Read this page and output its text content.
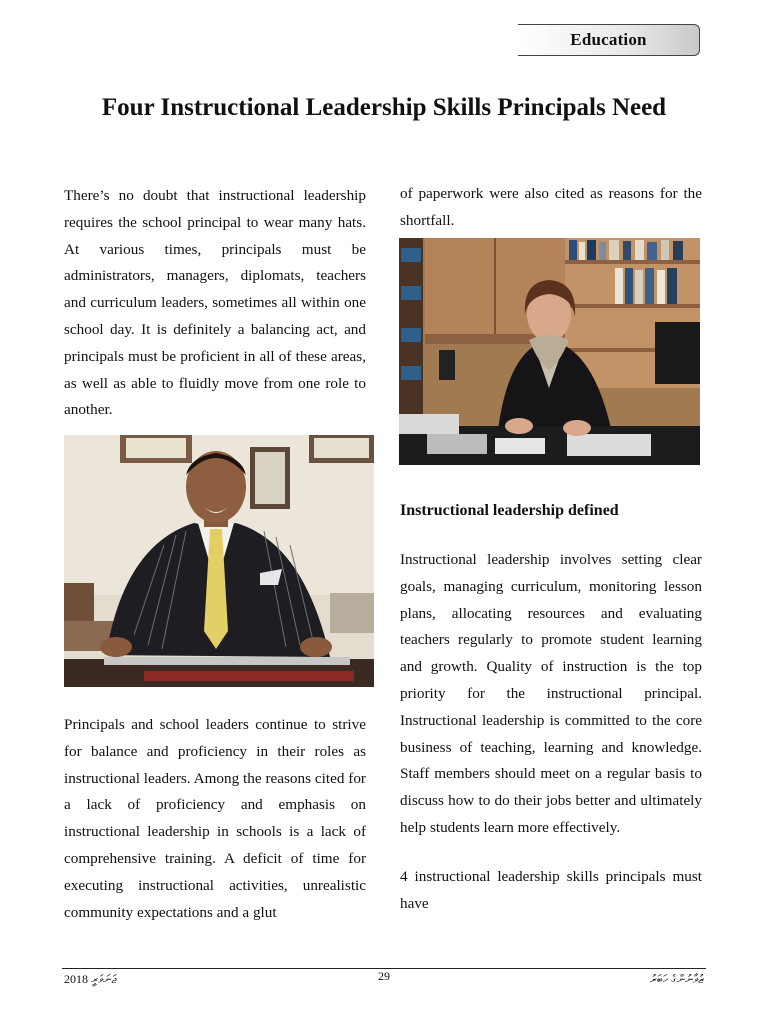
Education
Four Instructional Leadership Skills Principals Need

There’s no doubt that instructional leadership requires the school principal to wear many hats. At various times, principals must be administrators, managers, diplomats, teachers and curriculum leaders, sometimes all within one school day. It is definitely a balancing act, and principals must be proficient in all of these areas, as well as able to fluidly move from one role to another.

Principals and school leaders continue to strive for balance and proficiency in their roles as instructional leaders. Among the reasons cited for a lack of proficiency and emphasis on instructional leadership in schools is a lack of comprehensive training. A deficit of time for executing instructional activities, unrealistic community expectations and a glut

of paperwork were also cited as reasons for the shortfall.

Instructional leadership defined

Instructional leadership involves setting clear goals, managing curriculum, monitoring lesson plans, allocating resources and evaluating teachers regularly to promote student learning and growth. Quality of instruction is the top priority for the instructional principal. Instructional leadership is committed to the core business of teaching, learning and knowledge. Staff members should meet on a regular basis to discuss how to do their jobs better and ultimately help students learn more effectively.

4 instructional leadership skills principals must have

2018 ޖަނަވަރީ	29	ޒުވާނުންގެ ހަބަރު
